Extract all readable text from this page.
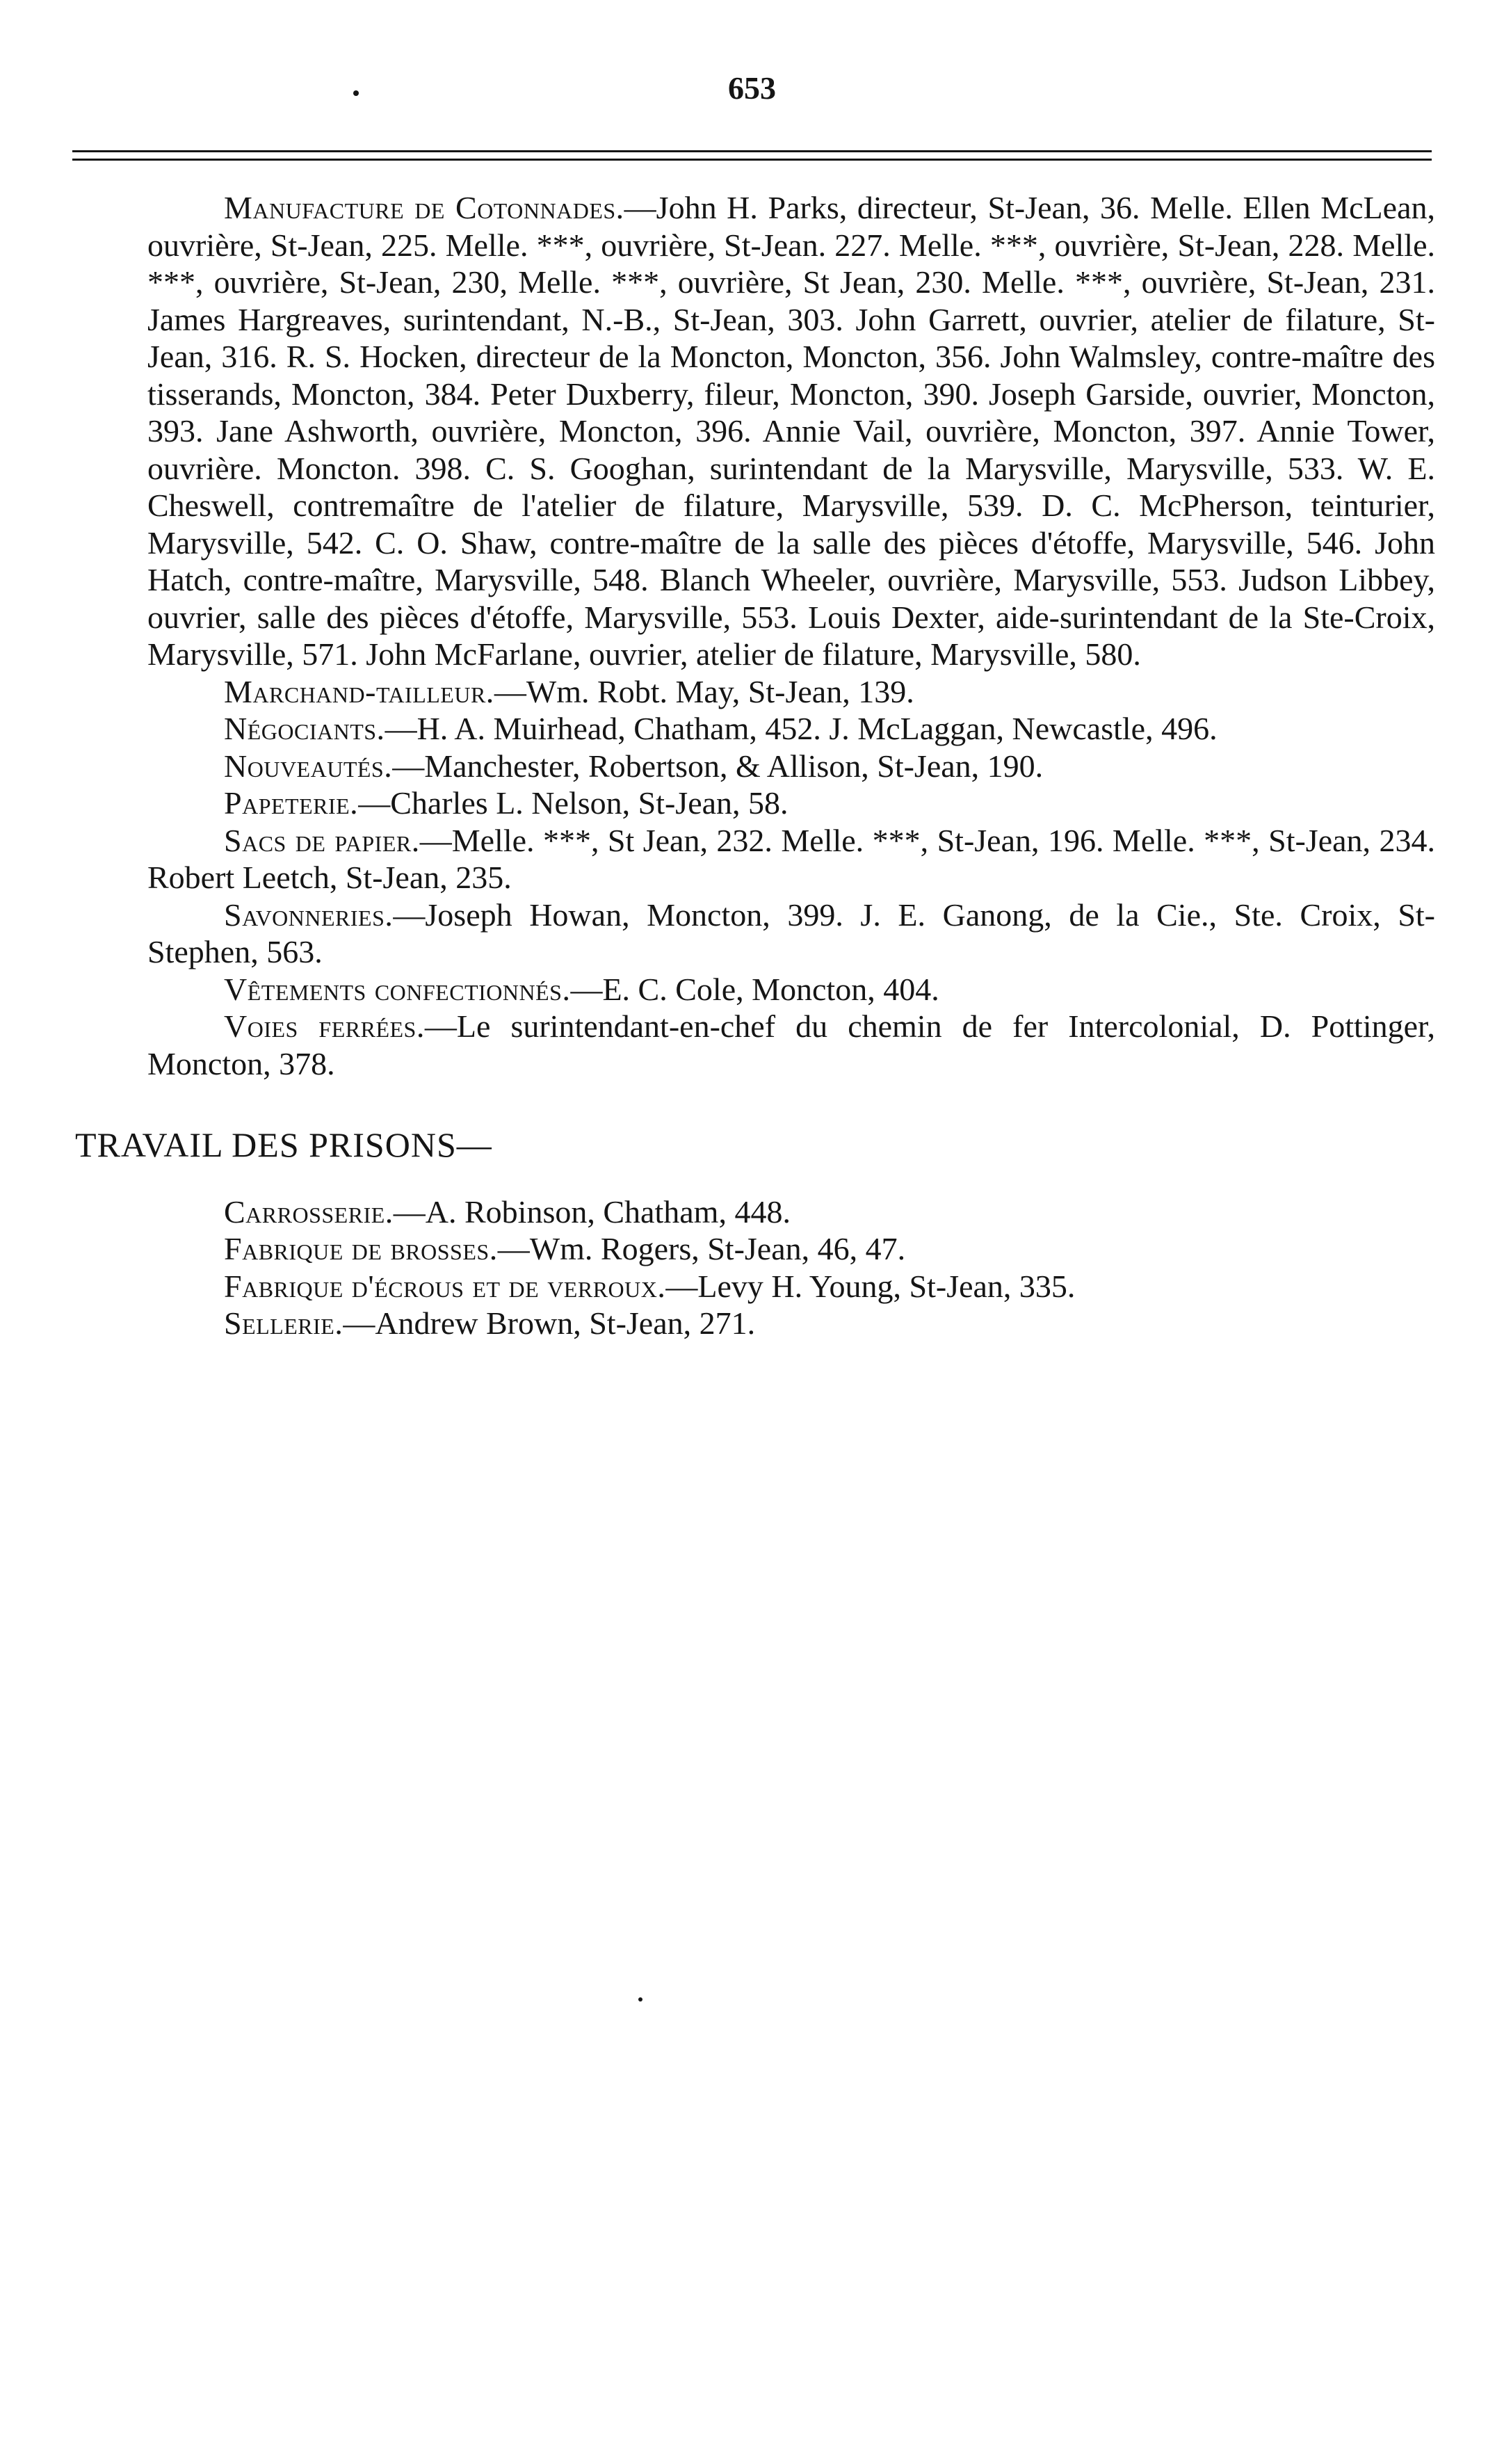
653

Manufacture de Cotonnades.—John H. Parks, directeur, St-Jean, 36. Melle. Ellen McLean, ouvrière, St-Jean, 225. Melle. ***, ouvrière, St-Jean. 227. Melle. ***, ouvrière, St-Jean, 228. Melle. ***, ouvrière, St-Jean, 230, Melle. ***, ouvrière, St Jean, 230. Melle. ***, ouvrière, St-Jean, 231. James Hargreaves, surintendant, N.-B., St-Jean, 303. John Garrett, ouvrier, atelier de filature, St-Jean, 316. R. S. Hocken, directeur de la Moncton, Moncton, 356. John Walmsley, contre-maître des tisserands, Moncton, 384. Peter Duxberry, fileur, Moncton, 390. Joseph Garside, ouvrier, Moncton, 393. Jane Ashworth, ouvrière, Moncton, 396. Annie Vail, ouvrière, Moncton, 397. Annie Tower, ouvrière. Moncton. 398. C. S. Googhan, surintendant de la Marysville, Marysville, 533. W. E. Cheswell, contremaître de l'atelier de filature, Marysville, 539. D. C. McPherson, teinturier, Marysville, 542. C. O. Shaw, contre-maître de la salle des pièces d'étoffe, Marysville, 546. John Hatch, contre-maître, Marysville, 548. Blanch Wheeler, ouvrière, Marysville, 553. Judson Libbey, ouvrier, salle des pièces d'étoffe, Marysville, 553. Louis Dexter, aide-surintendant de la Ste-Croix, Marysville, 571. John McFarlane, ouvrier, atelier de filature, Marysville, 580.

Marchand-tailleur.—Wm. Robt. May, St-Jean, 139.

Négociants.—H. A. Muirhead, Chatham, 452. J. McLaggan, Newcastle, 496.

Nouveautés.—Manchester, Robertson, & Allison, St-Jean, 190.

Papeterie.—Charles L. Nelson, St-Jean, 58.

Sacs de papier.—Melle. ***, St Jean, 232. Melle. ***, St-Jean, 196. Melle. ***, St-Jean, 234. Robert Leetch, St-Jean, 235.

Savonneries.—Joseph Howan, Moncton, 399. J. E. Ganong, de la Cie., Ste. Croix, St-Stephen, 563.

Vêtements confectionnés.—E. C. Cole, Moncton, 404.

Voies ferrées.—Le surintendant-en-chef du chemin de fer Intercolonial, D. Pottinger, Moncton, 378.

TRAVAIL DES PRISONS—

Carrosserie.—A. Robinson, Chatham, 448.

Fabrique de brosses.—Wm. Rogers, St-Jean, 46, 47.

Fabrique d'écrous et de verroux.—Levy H. Young, St-Jean, 335.

Sellerie.—Andrew Brown, St-Jean, 271.
